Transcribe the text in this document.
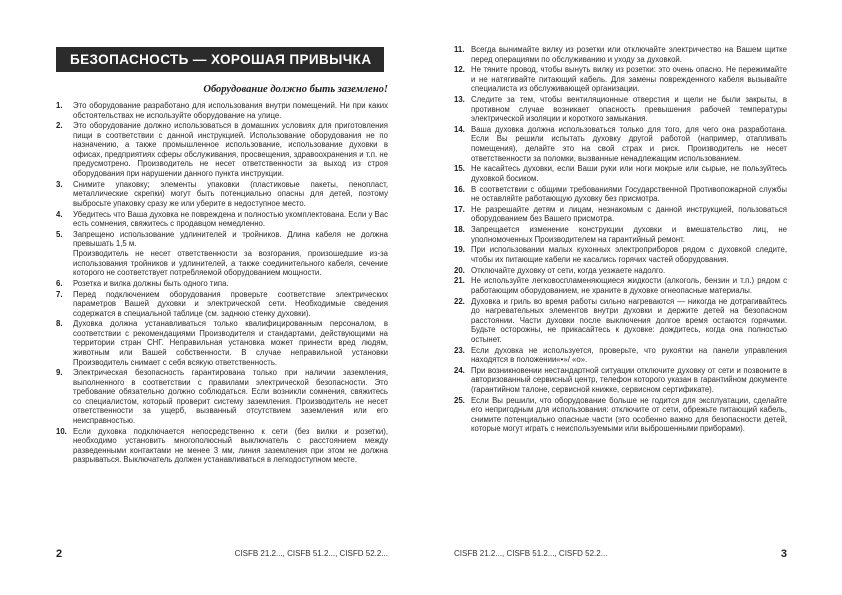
БЕЗОПАСНОСТЬ — ХОРОШАЯ ПРИВЫЧКА
Оборудование должно быть заземлено!
1.	Это оборудование разработано для использования внутри помещений. Ни при каких обстоятельствах не используйте оборудование на улице.
2.	Это оборудование должно использоваться в домашних условиях для приготовления пищи в соответствии с данной инструкцией. Использование оборудования не по назначению, а также промышленное использование, использование духовки в офисах, предприятиях сферы обслуживания, просвещения, здравоохранения и т.п. не предусмотрено. Производитель не несет ответственности за выход из строя оборудования при нарушении данного пункта инструкции.
3.	Снимите упаковку; элементы упаковки (пластиковые пакеты, пенопласт, металлические скрепки) могут быть потенциально опасны для детей, поэтому выбросьте упаковку сразу же или уберите в недоступное место.
4.	Убедитесь что Ваша духовка не повреждена и полностью укомплектована. Если у Вас есть сомнения, свяжитесь с продавцом немедленно.
5.	Запрещено использование удлинителей и тройников. Длина кабеля не должна превышать 1,5 м.
Производитель не несет ответственности за возгорания, произошедшие из-за использования тройников и удлинителей, а также соединительного кабеля, сечение которого не соответствует потребляемой оборудованием мощности.
6.	Розетка и вилка должны быть одного типа.
7.	Перед подключением оборудования проверьте соответствие электрических параметров Вашей духовки и электрической сети. Необходимые сведения содержатся в специальной таблице (см. заднюю стенку духовки).
8.	Духовка должна устанавливаться только квалифицированным персоналом, в соответствии с рекомендациями Производителя и стандартами, действующими на территории стран СНГ. Неправильная установка может принести вред людям, животным или Вашей собственности. В случае неправильной установки Производитель снимает с себя всякую ответственность.
9.	Электрическая безопасность гарантирована только при наличии заземления, выполненного в соответствии с правилами электрической безопасности. Это требование обязательно должно соблюдаться. Если возникли сомнения, свяжитесь со специалистом, который проверит систему заземления. Производитель не несет ответственности за ущерб, вызванный отсутствием заземления или его неисправностью.
10. Если духовка подключается непосредственно к сети (без вилки и розетки), необходимо установить многополюсный выключатель с расстоянием между разведенными контактами не менее 3 мм, линия заземления при этом не должна разрываться. Выключатель должен устанавливаться в легкодоступном месте.
2	CISFB 21.2..., CISFB 51.2..., CISFD 52.2...
11. Всегда вынимайте вилку из розетки или отключайте электричество на Вашем щитке перед операциями по обслуживанию и уходу за духовкой.
12. Не тяните провод, чтобы вынуть вилку из розетки: это очень опасно. Не пережимайте и не натягивайте питающий кабель. Для замены поврежденного кабеля вызывайте специалиста из обслуживающей организации.
13. Следите за тем, чтобы вентиляционные отверстия и щели не были закрыты, в противном случае возникает опасность превышения рабочей температуры электрической изоляции и короткого замыкания.
14. Ваша духовка должна использоваться только для того, для чего она разработана. Если Вы решили испытать духовку другой работой (например, отапливать помещения), делайте это на свой страх и риск. Производитель не несет ответственности за поломки, вызванные ненадлежащим использованием.
15. Не касайтесь духовки, если Ваши руки или ноги мокрые или сырые, не пользуйтесь духовкой босиком.
16. В соответствии с общими требованиями Государственной Противопожарной службы не оставляйте работающую духовку без присмотра.
17. Не разрешайте детям и лицам, незнакомым с данной инструкцией, пользоваться оборудованием без Вашего присмотра.
18. Запрещается изменение конструкции духовки и вмешательство лиц, не уполномоченных Производителем на гарантийный ремонт.
19. При использовании малых кухонных электроприборов рядом с духовкой следите, чтобы их питающие кабели не касались горячих частей оборудования.
20. Отключайте духовку от сети, когда уезжаете надолго.
21. Не используйте легковоспламеняющиеся жидкости (алкоголь, бензин и т.п.) рядом с работающим оборудованием, не храните в духовке огнеопасные материалы.
22. Духовка и гриль во время работы сильно нагреваются — никогда не дотрагивайтесь до нагревательных элементов внутри духовки и держите детей на безопасном расстоянии. Части духовки после выключения долгое время остаются горячими. Будьте осторожны, не прикасайтесь к духовке: дождитесь, когда она полностью остынет.
23. Если духовка не используется, проверьте, что рукоятки на панели управления находятся в положении«•»/ «о».
24. При возникновении нестандартной ситуации отключите духовку от сети и позвоните в авторизованный сервисный центр, телефон которого указан в гарантийном документе (гарантийном талоне, сервисной книжке, сервисном сертификате).
25. Если Вы решили, что оборудование больше не годится для эксплуатации, сделайте его непригодным для использования: отключите от сети, обрежьте питающий кабель, снимите потенциально опасные части (это особенно важно для безопасности детей, которые могут играть с неиспользуемыми или выброшенными приборами).
CISFB 21.2..., CISFB 51.2..., CISFD 52.2...	3
